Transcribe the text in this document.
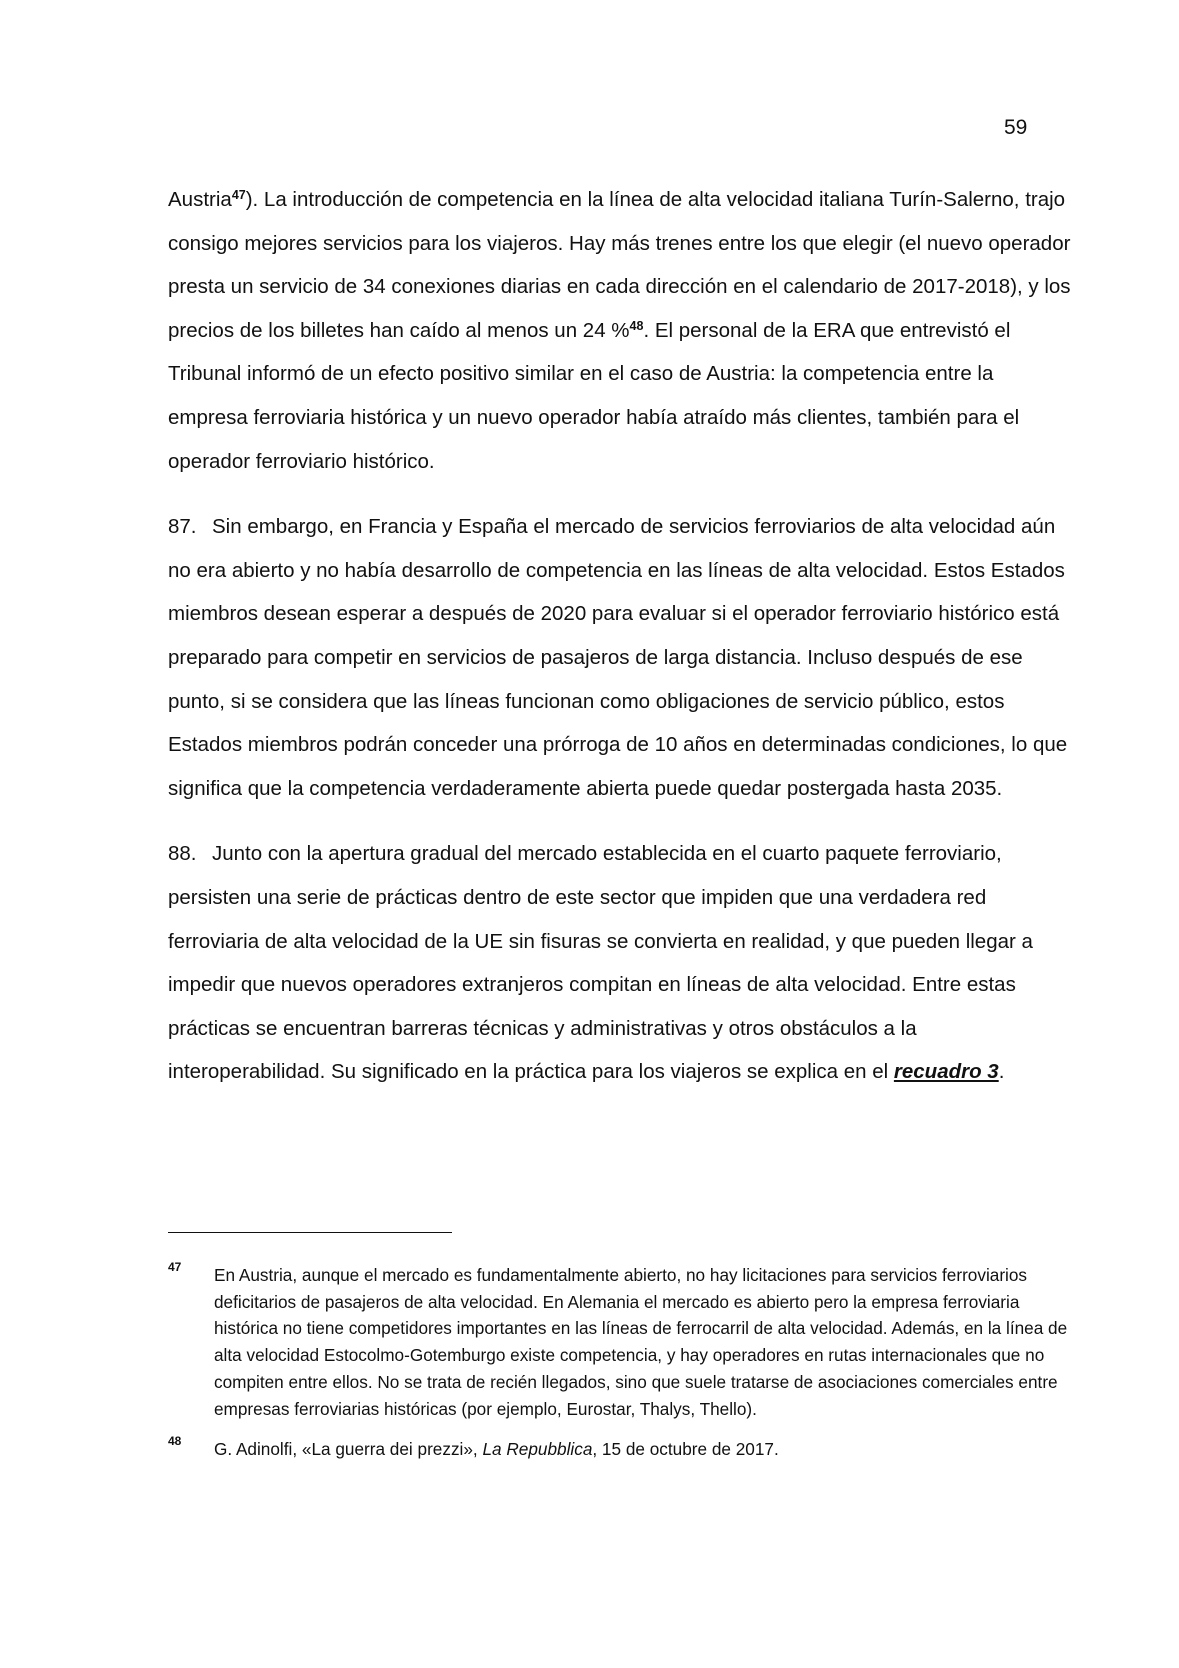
59

Austria$^{47}$). La introducción de competencia en la línea de alta velocidad italiana Turín-Salerno, trajo consigo mejores servicios para los viajeros. Hay más trenes entre los que elegir (el nuevo operador presta un servicio de 34 conexiones diarias en cada dirección en el calendario de 2017-2018), y los precios de los billetes han caído al menos un 24 %$^{48}$. El personal de la ERA que entrevistó el Tribunal informó de un efecto positivo similar en el caso de Austria: la competencia entre la empresa ferroviaria histórica y un nuevo operador había atraído más clientes, también para el operador ferroviario histórico.

87. Sin embargo, en Francia y España el mercado de servicios ferroviarios de alta velocidad aún no era abierto y no había desarrollo de competencia en las líneas de alta velocidad. Estos Estados miembros desean esperar a después de 2020 para evaluar si el operador ferroviario histórico está preparado para competir en servicios de pasajeros de larga distancia. Incluso después de ese punto, si se considera que las líneas funcionan como obligaciones de servicio público, estos Estados miembros podrán conceder una prórroga de 10 años en determinadas condiciones, lo que significa que la competencia verdaderamente abierta puede quedar postergada hasta 2035.

88. Junto con la apertura gradual del mercado establecida en el cuarto paquete ferroviario, persisten una serie de prácticas dentro de este sector que impiden que una verdadera red ferroviaria de alta velocidad de la UE sin fisuras se convierta en realidad, y que pueden llegar a impedir que nuevos operadores extranjeros compitan en líneas de alta velocidad. Entre estas prácticas se encuentran barreras técnicas y administrativas y otros obstáculos a la interoperabilidad. Su significado en la práctica para los viajeros se explica en el recuadro 3.

47 En Austria, aunque el mercado es fundamentalmente abierto, no hay licitaciones para servicios ferroviarios deficitarios de pasajeros de alta velocidad. En Alemania el mercado es abierto pero la empresa ferroviaria histórica no tiene competidores importantes en las líneas de ferrocarril de alta velocidad. Además, en la línea de alta velocidad Estocolmo-Gotemburgo existe competencia, y hay operadores en rutas internacionales que no compiten entre ellos. No se trata de recién llegados, sino que suele tratarse de asociaciones comerciales entre empresas ferroviarias históricas (por ejemplo, Eurostar, Thalys, Thello).

48 G. Adinolfi, «La guerra dei prezzi», La Repubblica, 15 de octubre de 2017.
